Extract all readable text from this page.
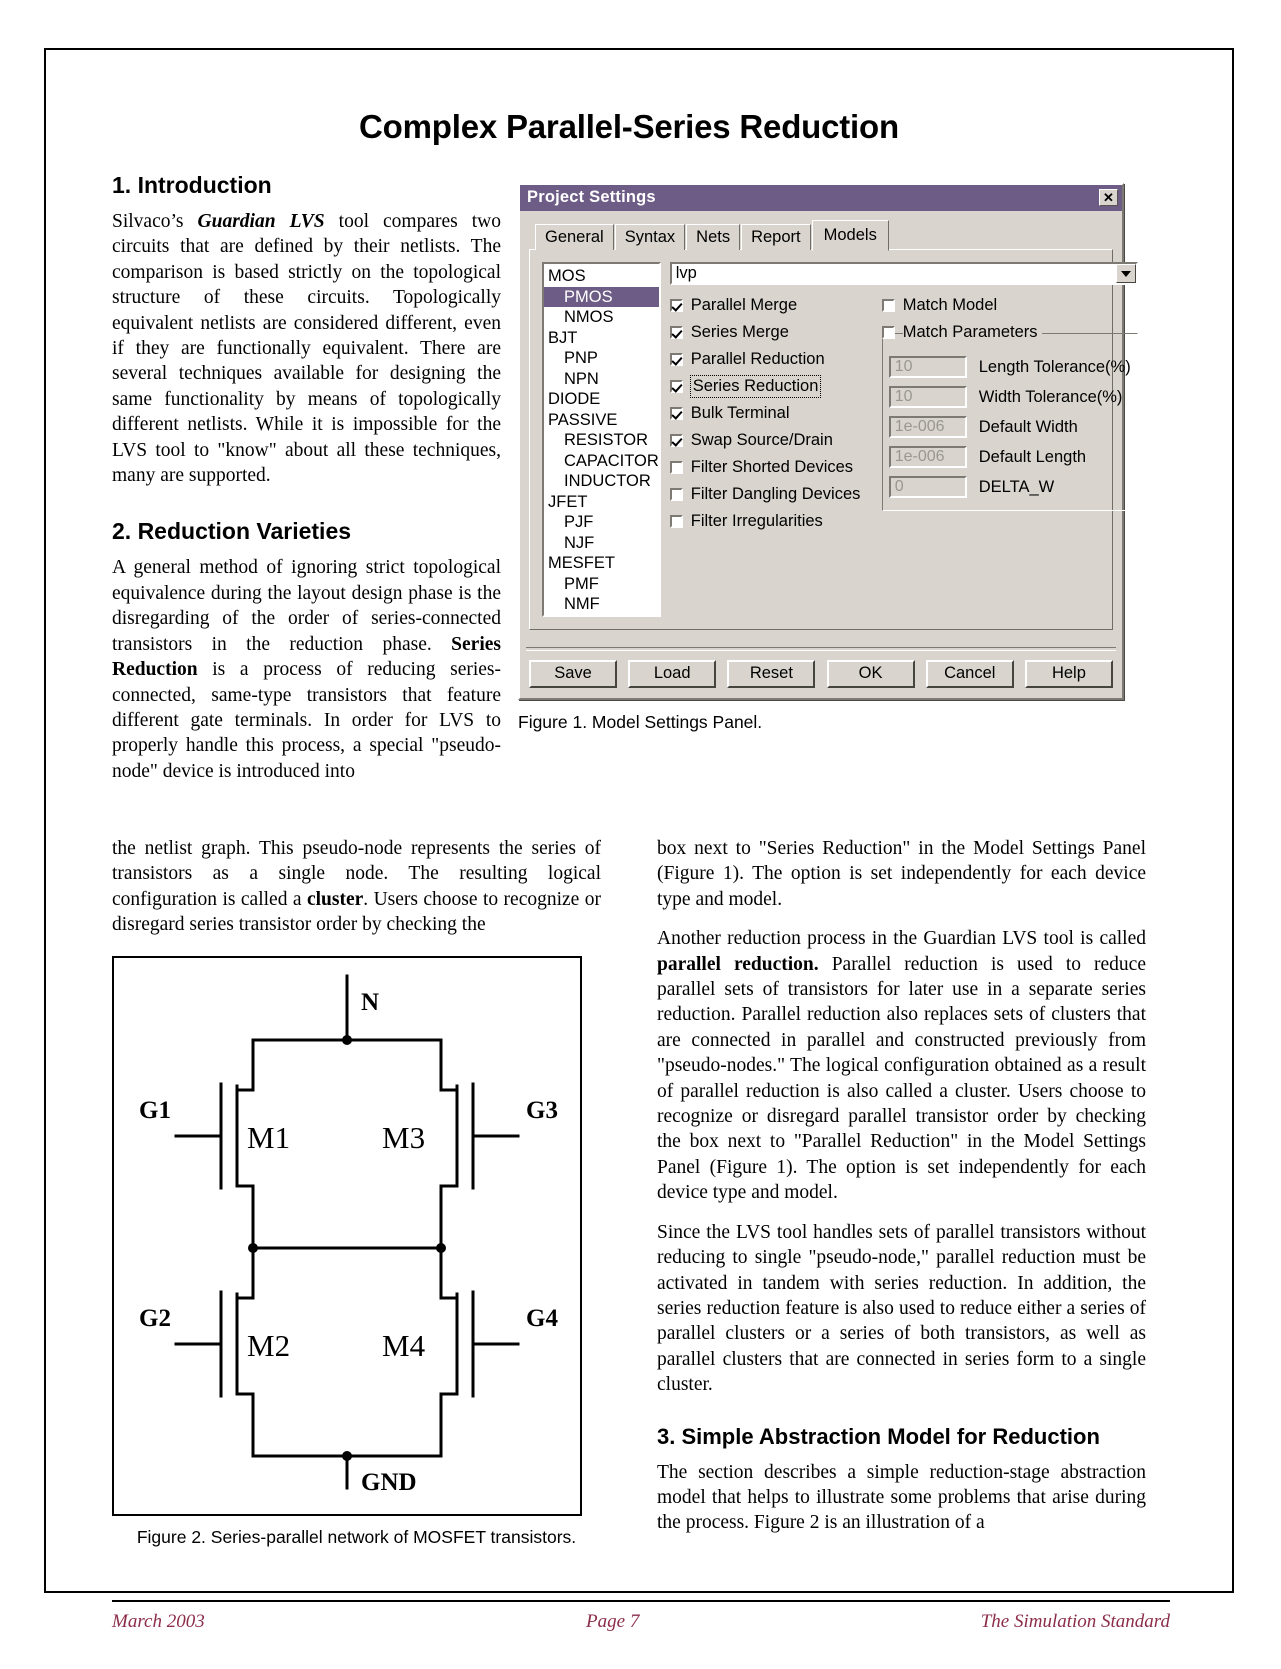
Complex Parallel-Series Reduction
1. Introduction

Silvaco’s Guardian LVS tool compares two circuits that are defined by their netlists. The comparison is based strictly on the topological structure of these circuits. Topologically equivalent netlists are considered different, even if they are functionally equivalent. There are several techniques available for designing the same functionality by means of topologically different netlists. While it is impossible for the LVS tool to "know" about all these techniques, many are supported.

2. Reduction Varieties

A general method of ignoring strict topological equivalence during the layout design phase is the disregarding of the order of series-connected transistors in the reduction phase. Series Reduction is a process of reducing series-connected, same-type transistors that feature different gate terminals. In order for LVS to properly handle this process, a special "pseudo-node" device is introduced into

Project Settings	✕
General	Syntax	Nets	Report	Models
MOS
PMOS
NMOS
BJT
PNP
NPN
DIODE
PASSIVE
RESISTOR
CAPACITOR
INDUCTOR
JFET
PJF
NJF
MESFET
PMF
NMF
lvp
Parallel Merge
Series Merge
Parallel Reduction
Series Reduction
Bulk Terminal
Swap Source/Drain
Filter Shorted Devices
Filter Dangling Devices
Filter Irregularities
Match Model
Match Parameters
10	Length Tolerance(%)
10	Width Tolerance(%)
1e-006	Default Width
1e-006	Default Length
0	DELTA_W
Save	Load	Reset	OK	Cancel	Help
Figure 1. Model Settings Panel.

the netlist graph. This pseudo-node represents the series of transistors as a single node. The resulting logical configuration is called a cluster. Users choose to recognize or disregard series transistor order by checking the

N
GND
G1
G2
G3
G4
M1
M2
M3
M4
Figure 2. Series-parallel network of MOSFET transistors.

box next to "Series Reduction" in the Model Settings Panel (Figure 1). The option is set independently for each device type and model.

Another reduction process in the Guardian LVS tool is called parallel reduction. Parallel reduction is used to reduce parallel sets of transistors for later use in a separate series reduction. Parallel reduction also replaces sets of clusters that are connected in parallel and constructed previously from "pseudo-nodes." The logical configuration obtained as a result of parallel reduction is also called a cluster. Users choose to recognize or disregard parallel transistor order by checking the box next to "Parallel Reduction" in the Model Settings Panel (Figure 1). The option is set independently for each device type and model.

Since the LVS tool handles sets of parallel transistors without reducing to single "pseudo-node," parallel reduction must be activated in tandem with series reduction. In addition, the series reduction feature is also used to reduce either a series of parallel clusters or a series of both transistors, as well as parallel clusters that are connected in series form to a single cluster.

3. Simple Abstraction Model for Reduction

The section describes a simple reduction-stage abstraction model that helps to illustrate some problems that arise during the process. Figure 2 is an illustration of a

March 2003	Page 7	The Simulation Standard
